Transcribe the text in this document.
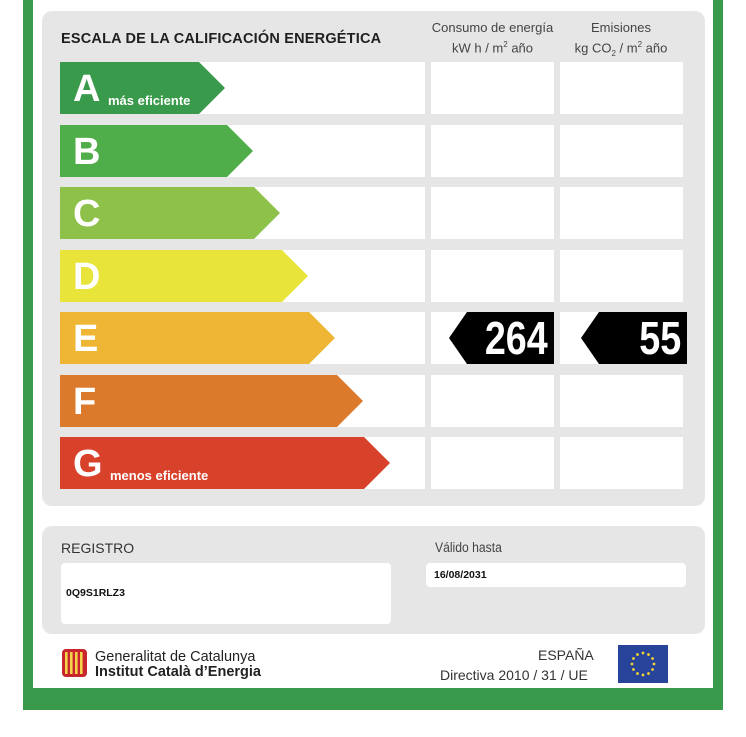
ESCALA DE LA CALIFICACIÓN ENERGÉTICA
Consumo de energía
kW h / $m^2$ año
Emisiones
kg $CO_2 / m^2$ año
A más eficiente
B
C
D
E	264 55
F
G menos eficiente
REGISTRO
0Q9S1RLZ3
Válido hasta
16/08/2031
Generalitat de Catalunya
Institut Català d’Energia
ESPAÑA
Directiva 2010 / 31 / UE
